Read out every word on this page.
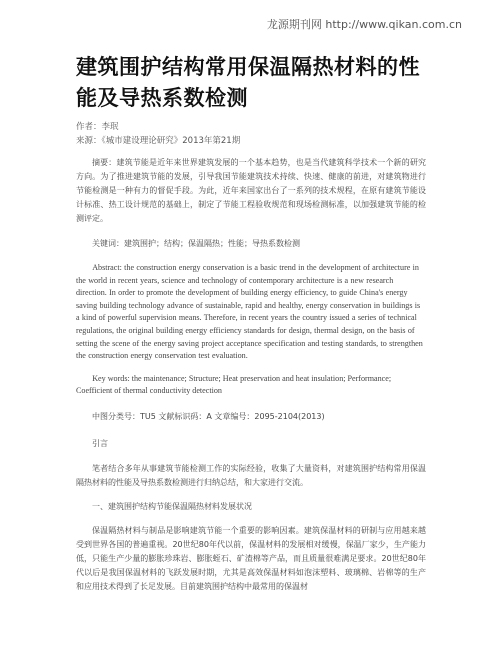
龙源期刊网 http://www.qikan.com.cn
建筑围护结构常用保温隔热材料的性能及导热系数检测
作者：李珉
来源：《城市建设理论研究》2013年第21期

摘要：建筑节能是近年来世界建筑发展的一个基本趋势，也是当代建筑科学技术一个新的研究方向。为了推进建筑节能的发展，引导我国节能建筑技术持续、快速、健康的前进，对建筑物进行节能检测是一种有力的督促手段。为此，近年来国家出台了一系列的技术规程，在原有建筑节能设计标准、热工设计规范的基础上，制定了节能工程验收规范和现场检测标准，以加强建筑节能的检测评定。

关键词：建筑围护；结构；保温隔热；性能；导热系数检测

Abstract: the construction energy conservation is a basic trend in the development of architecture in the world in recent years, science and technology of contemporary architecture is a new research direction. In order to promote the development of building energy efficiency, to guide China's energy saving building technology advance of sustainable, rapid and healthy, energy conservation in buildings is a kind of powerful supervision means. Therefore, in recent years the country issued a series of technical regulations, the original building energy efficiency standards for design, thermal design, on the basis of setting the scene of the energy saving project acceptance specification and testing standards, to strengthen the construction energy conservation test evaluation.

Key words: the maintenance; Structure; Heat preservation and heat insulation; Performance; Coefficient of thermal conductivity detection

中图分类号：TU5 文献标识码：A 文章编号：2095-2104(2013)

引言

笔者结合多年从事建筑节能检测工作的实际经验，收集了大量资料，对建筑围护结构常用保温隔热材料的性能及导热系数检测进行归纳总结，和大家进行交流。

一、建筑围护结构节能保温隔热材料发展状况

保温隔热材料与制品是影响建筑节能一个重要的影响因素。建筑保温材料的研制与应用越来越受到世界各国的普遍重视。20世纪80年代以前，保温材料的发展相对缓慢，保温厂家少，生产能力低，只能生产少量的膨胀珍珠岩、膨胀蛭石、矿渣棉等产品，而且质量很难满足要求。20世纪80年代以后是我国保温材料的飞跃发展时期，尤其是高效保温材料如泡沫塑料、玻璃棉、岩棉等的生产和应用技术得到了长足发展。目前建筑围护结构中最常用的保温材
